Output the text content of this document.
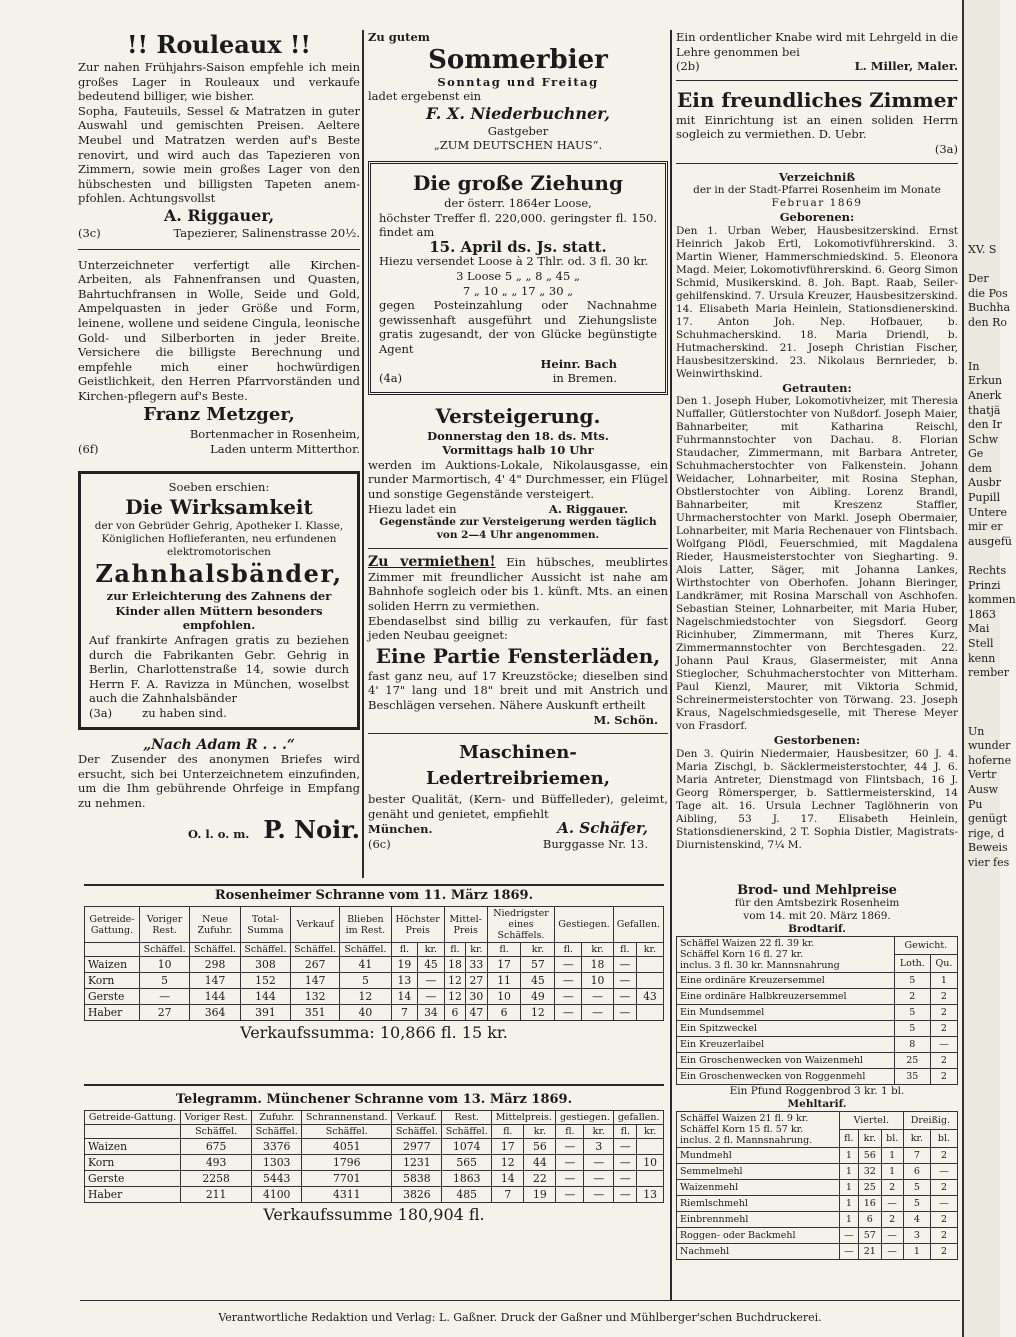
!! Rouleaux !!

Zur nahen Frühjahrs-Saison empfehle ich mein großes Lager in Rouleaux und verkaufe bedeutend billiger, wie bisher.

Sopha, Fauteuils, Sessel & Matratzen in guter Auswahl und gemischten Preisen. Aeltere Meubel und Matratzen werden auf's Beste renovirt, und wird auch das Tapezieren von Zimmern, sowie mein großes Lager von den hübschesten und billigsten Tapeten anem-pfohlen. Achtungsvollst

A. Riggauer,
(3c)	Tapezierer, Salinenstrasse 20½.

Unterzeichneter verfertigt alle Kirchen-Arbeiten, als Fahnenfransen und Quasten, Bahrtuchfransen in Wolle, Seide und Gold, Ampelquasten in jeder Größe und Form, leinene, wollene und seidene Cingula, leonische Gold- und Silberborten in jeder Breite. Versichere die billigste Berechnung und empfehle mich einer hochwürdigen Geistlichkeit, den Herren Pfarrvorständen und Kirchen-pflegern auf's Beste.

Franz Metzger,
Bortenmacher in Rosenheim,
(6f)	Laden unterm Mitterthor.
Soeben erschien:
Die Wirksamkeit
der von Gebrüder Gehrig, Apotheker I. Klasse, Königlichen Hoflieferanten, neu erfundenen elektromotorischen
Zahnhalsbänder,
zur Erleichterung des Zahnens der Kinder allen Müttern besonders empfohlen.

Auf frankirte Anfragen gratis zu beziehen durch die Fabrikanten Gebr. Gehrig in Berlin, Charlottenstraße 14, sowie durch Herrn F. A. Ravizza in München, woselbst auch die Zahnhalsbänder

(3a)	zu haben sind.
„Nach Adam R . . .“

Der Zusender des anonymen Briefes wird ersucht, sich bei Unterzeichnetem einzufinden, um die Ihm gebührende Ohrfeige in Empfang zu nehmen.

O. l. o. m. P. Noir.
Zu gutem
Sommerbier
Sonntag und Freitag
ladet ergebenst ein
F. X. Niederbuchner,
Gastgeber
„ZUM DEUTSCHEN HAUS“.
Die große Ziehung
der österr. 1864er Loose,

höchster Treffer fl. 220,000. geringster fl. 150. findet am

15. April ds. Js. statt.
Hiezu versendet Loose à 2 Thlr. od. 3 fl. 30 kr.
3 Loose 5 „ „ 8 „ 45 „
7 „ 10 „ „ 17 „ 30 „

gegen Posteinzahlung oder Nachnahme gewissenhaft ausgeführt und Ziehungsliste gratis zugesandt, der von Glücke begünstigte Agent

Heinr. Bach
(4a)	in Bremen.
Versteigerung.
Donnerstag den 18. ds. Mts.
Vormittags halb 10 Uhr

werden im Auktions-Lokale, Nikolausgasse, ein runder Marmortisch, 4' 4" Durchmesser, ein Flügel und sonstige Gegenstände versteigert.

Hiezu ladet ein	A. Riggauer.
Gegenstände zur Versteigerung werden täglich von 2—4 Uhr angenommen.

Zu vermiethen! Ein hübsches, meublirtes Zimmer mit freundlicher Aussicht ist nahe am Bahnhofe sogleich oder bis 1. künft. Mts. an einen soliden Herrn zu vermiethen.

Ebendaselbst sind billig zu verkaufen, für fast jeden Neubau geeignet:

Eine Partie Fensterläden,

fast ganz neu, auf 17 Kreuzstöcke; dieselben sind 4' 17" lang und 18" breit und mit Anstrich und Beschlägen versehen. Nähere Auskunft ertheilt

M. Schön.
Maschinen-Ledertreibriemen,

bester Qualität, (Kern- und Büffelleder), geleimt, genäht und genietet, empfiehlt

München.	A. Schäfer,
(6c)	Burggasse Nr. 13.

Ein ordentlicher Knabe wird mit Lehrgeld in die Lehre genommen bei

(2b)	L. Miller, Maler.
Ein freundliches Zimmer

mit Einrichtung ist an einen soliden Herrn sogleich zu vermiethen. D. Uebr.

(3a)
Verzeichniß
der in der Stadt-Pfarrei Rosenheim im Monate
Februar 1869
Geborenen:

Den 1. Urban Weber, Hausbesitzerskind. Ernst Heinrich Jakob Ertl, Lokomotivführerskind. 3. Martin Wiener, Hammerschmiedskind. 5. Eleonora Magd. Meier, Lokomotivführerskind. 6. Georg Simon Schmid, Musikerskind. 8. Joh. Bapt. Raab, Seiler-gehilfenskind. 7. Ursula Kreuzer, Hausbesitzerskind. 14. Elisabeth Maria Heinlein, Stationsdienerskind. 17. Anton Joh. Nep. Hofbauer, b. Schuhmacherskind. 18. Maria Driendl, b. Hutmacherskind. 21. Joseph Christian Fischer, Hausbesitzerskind. 23. Nikolaus Bernrieder, b. Weinwirthskind.

Getrauten:

Den 1. Joseph Huber, Lokomotivheizer, mit Theresia Nuffaller, Gütlerstochter von Nußdorf. Joseph Maier, Bahnarbeiter, mit Katharina Reischl, Fuhrmannstochter von Dachau. 8. Florian Staudacher, Zimmermann, mit Barbara Antreter, Schuhmacherstochter von Falkenstein. Johann Weidacher, Lohnarbeiter, mit Rosina Stephan, Obstlerstochter von Aibling. Lorenz Brandl, Bahnarbeiter, mit Kreszenz Staffler, Uhrmacherstochter von Markl. Joseph Obermaier, Lohnarbeiter, mit Maria Rechenauer von Flintsbach. Wolfgang Plödl, Feuerschmied, mit Magdalena Rieder, Hausmeisterstochter von Siegharting. 9. Alois Latter, Säger, mit Johanna Lankes, Wirthstochter von Oberhofen. Johann Bieringer, Landkrämer, mit Rosina Marschall von Aschhofen. Sebastian Steiner, Lohnarbeiter, mit Maria Huber, Nagelschmiedstochter von Siegsdorf. Georg Ricinhuber, Zimmermann, mit Theres Kurz, Zimmermannstochter von Berchtesgaden. 22. Johann Paul Kraus, Glasermeister, mit Anna Stieglocher, Schuhmacherstochter von Mitterham. Paul Kienzl, Maurer, mit Viktoria Schmid, Schreinermeisterstochter von Törwang. 23. Joseph Kraus, Nagelschmiedsgeselle, mit Therese Meyer von Frasdorf.

Gestorbenen:

Den 3. Quirin Niedermaier, Hausbesitzer, 60 J. 4. Maria Zischgl, b. Säcklermeisterstochter, 44 J. 6. Maria Antreter, Dienstmagd von Flintsbach, 16 J. Georg Römersperger, b. Sattlermeisterskind, 14 Tage alt. 16. Ursula Lechner Taglöhnerin von Aibling, 53 J. 17. Elisabeth Heinlein, Stationsdienerskind, 2 T. Sophia Distler, Magistrats-Diurnistenskind, 7¼ M.

Rosenheimer Schranne vom 11. März 1869.
Getreide-Gattung.	Voriger Rest.	Neue Zufuhr.	Total-Summa	Verkauf	Blieben im Rest.	Höchster Preis		Mittel-Preis		Niedrigster eines Schäffels.		Gestiegen.		Gefallen.	
	Schäffel.	Schäffel.	Schäffel.	Schäffel.	Schäffel.	fl.	kr.	fl.	kr.	fl.	kr.	fl.	kr.	fl.	kr.
Waizen	10	298	308	267	41	19	45	18	33	17	57	—	18	—	
Korn	5	147	152	147	5	13	—	12	27	11	45	—	10	—	
Gerste	—	144	144	132	12	14	—	12	30	10	49	—	—	—	43
Haber	27	364	391	351	40	7	34	6	47	6	12	—	—	—	
Verkaufssumma: 10,866 fl. 15 kr.
Telegramm. Münchener Schranne vom 13. März 1869.
Getreide-Gattung.	Voriger Rest.	Zufuhr.	Schrannenstand.	Verkauf.	Rest.	Mittelpreis.		gestiegen.		gefallen.	
	Schäffel.	Schäffel.	Schäffel.	Schäffel.	Schäffel.	fl.	kr.	fl.	kr.	fl.	kr.
Waizen	675	3376	4051	2977	1074	17	56	—	3	—	
Korn	493	1303	1796	1231	565	12	44	—	—	—	10
Gerste	2258	5443	7701	5838	1863	14	22	—	—	—	
Haber	211	4100	4311	3826	485	7	19	—	—	—	13
Verkaufssumme 180,904 fl.
Brod- und Mehlpreise
für den Amtsbezirk Rosenheim
vom 14. mit 20. März 1869.
Brodtarif.
Schäffel Waizen 22 fl. 39 kr.
Schäffel Korn 16 fl. 27 kr.
inclus. 3 fl. 30 kr. Mannsnahrung	Gewicht.	
	Loth.	Qu.
Eine ordinäre Kreuzersemmel	5	1
Eine ordinäre Halbkreuzersemmel	2	2
Ein Mundsemmel	5	2
Ein Spitzweckel	5	2
Ein Kreuzerlaibel	8	—
Ein Groschenwecken von Waizenmehl	25	2
Ein Groschenwecken von Roggenmehl	35	2
Ein Pfund Roggenbrod 3 kr. 1 bl.
Mehltarif.
Schäffel Waizen 21 fl. 9 kr.
Schäffel Korn 15 fl. 57 kr.
inclus. 2 fl. Mannsnahrung.	Viertel.			Dreißig.	
	fl.	kr.	bl.	kr.	bl.
Mundmehl	1	56	1	7	2
Semmelmehl	1	32	1	6	—
Waizenmehl	1	25	2	5	2
Riemlschmehl	1	16	—	5	—
Einbrennmehl	1	6	2	4	2
Roggen- oder Backmehl	—	57	—	3	2
Nachmehl	—	21	—	1	2
Verantwortliche Redaktion und Verlag: L. Gaßner. Druck der Gaßner und Mühlberger'schen Buchdruckerei.

XV. S

Der
die Pos
Buchha
den Ro

In
Erkun
Anerk
thatjä
den Ir
Schw
Ge
dem
Ausbr
Pupill
Untere
mir er
ausgefü

Rechts
Prinzi
kommen
1863
Mai
Stell
kenn
rember

Un
wunder
hoferne
Vertr
Ausw
Pu
genügt
rige, d
Beweis
vier fes
